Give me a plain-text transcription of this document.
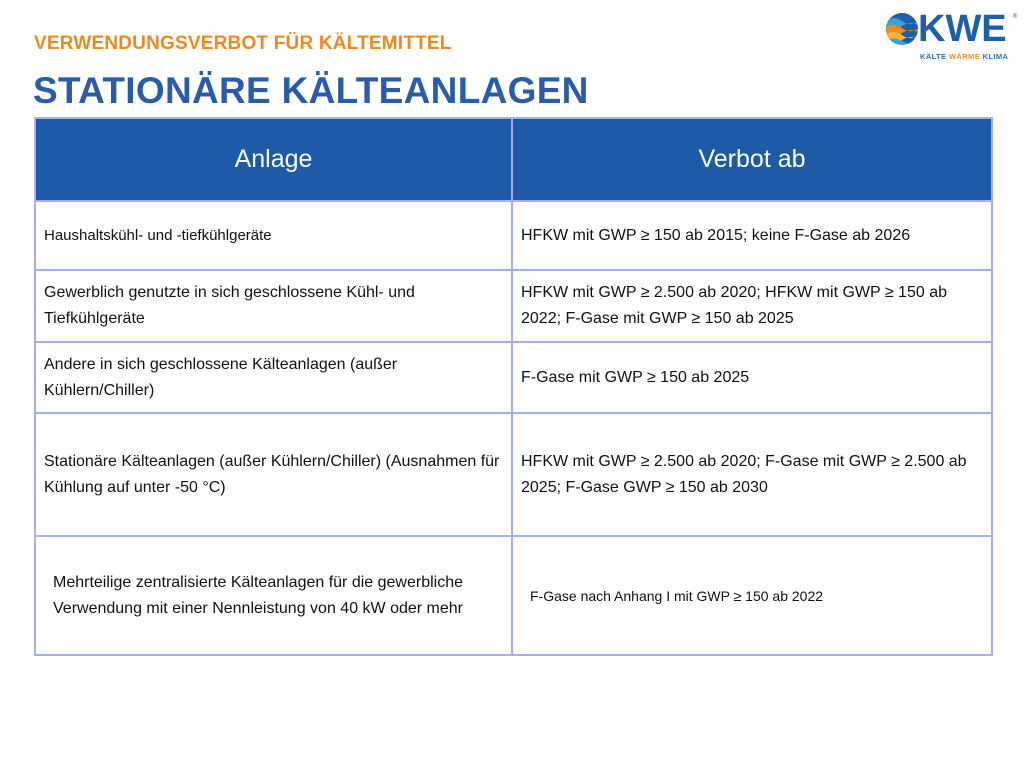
VERWENDUNGSVERBOT FÜR KÄLTEMITTEL
STATIONÄRE KÄLTEANLAGEN
KWE ®
KÄLTE WÄRME KLIMA
Anlage	Verbot ab
Haushaltskühl- und -tiefkühlgeräte	HFKW mit GWP ≥ 150 ab 2015; keine F-Gase ab 2026
Gewerblich genutzte in sich geschlossene Kühl- und Tiefkühlgeräte	HFKW mit GWP ≥ 2.500 ab 2020; HFKW mit GWP ≥ 150 ab 2022; F-Gase mit GWP ≥ 150 ab 2025
Andere in sich geschlossene Kälteanlagen (außer Kühlern/Chiller)	F-Gase mit GWP ≥ 150 ab 2025
Stationäre Kälteanlagen (außer Kühlern/Chiller) (Ausnahmen für Kühlung auf unter -50 °C)	HFKW mit GWP ≥ 2.500 ab 2020; F-Gase mit GWP ≥ 2.500 ab 2025; F-Gase GWP ≥ 150 ab 2030
Mehrteilige zentralisierte Kälteanlagen für die gewerbliche Verwendung mit einer Nennleistung von 40 kW oder mehr	F-Gase nach Anhang I mit GWP ≥ 150 ab 2022
